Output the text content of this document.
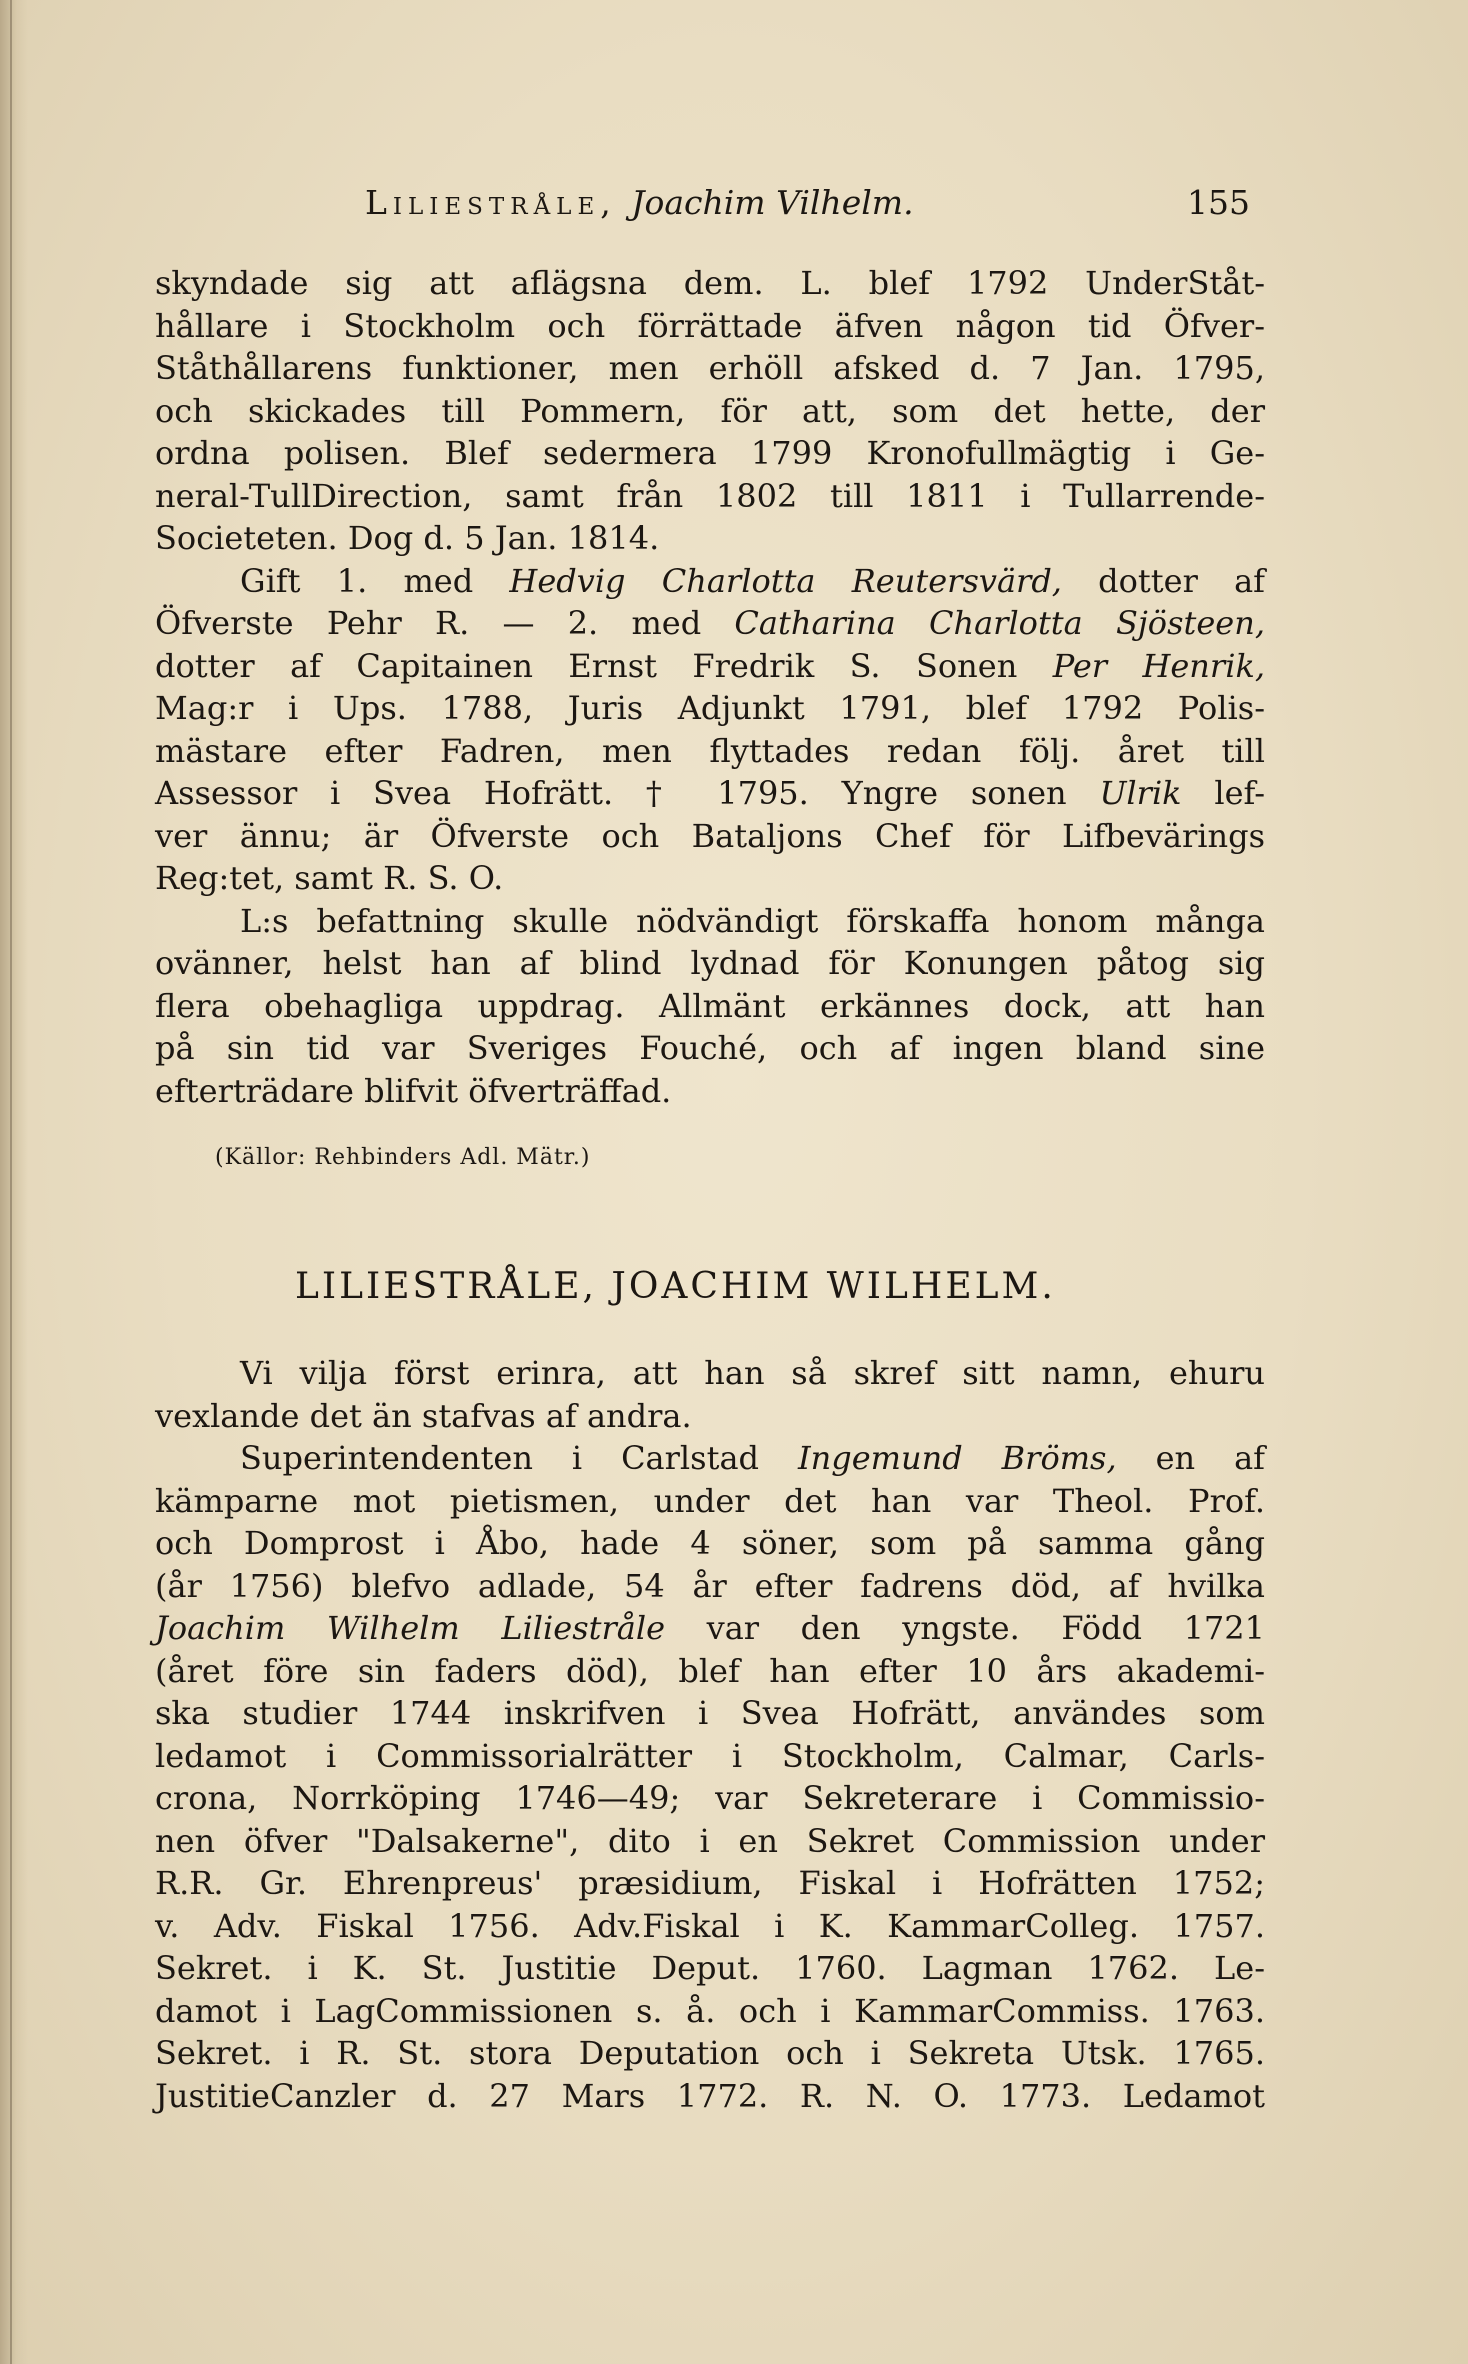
Liliestråle, Joachim Vilhelm.	155
skyndade sig att aflägsna dem. L. blef 1792 UnderStåt-
hållare i Stockholm och förrättade äfven någon tid Öfver-
Ståthållarens funktioner, men erhöll afsked d. 7 Jan. 1795,
och skickades till Pommern, för att, som det hette, der
ordna polisen. Blef sedermera 1799 Kronofullmägtig i Ge-
neral-TullDirection, samt från 1802 till 1811 i Tullarrende-
Societeten. Dog d. 5 Jan. 1814.
Gift 1. med Hedvig Charlotta Reutersvärd, dotter af
Öfverste Pehr R. — 2. med Catharina Charlotta Sjösteen,
dotter af Capitainen Ernst Fredrik S. Sonen Per Henrik,
Mag:r i Ups. 1788, Juris Adjunkt 1791, blef 1792 Polis-
mästare efter Fadren, men flyttades redan följ. året till
Assessor i Svea Hofrätt. † 1795. Yngre sonen Ulrik lef-
ver ännu; är Öfverste och Bataljons Chef för Lifbevärings
Reg:tet, samt R. S. O.
L:s befattning skulle nödvändigt förskaffa honom många
ovänner, helst han af blind lydnad för Konungen påtog sig
flera obehagliga uppdrag. Allmänt erkännes dock, att han
på sin tid var Sveriges Fouché, och af ingen bland sine
efterträdare blifvit öfverträffad.
(Källor: Rehbinders Adl. Mätr.)
LILIESTRÅLE, JOACHIM WILHELM.
Vi vilja först erinra, att han så skref sitt namn, ehuru
vexlande det än stafvas af andra.
Superintendenten i Carlstad Ingemund Bröms, en af
kämparne mot pietismen, under det han var Theol. Prof.
och Domprost i Åbo, hade 4 söner, som på samma gång
(år 1756) blefvo adlade, 54 år efter fadrens död, af hvilka
Joachim Wilhelm Liliestråle var den yngste. Född 1721
(året före sin faders död), blef han efter 10 års akademi-
ska studier 1744 inskrifven i Svea Hofrätt, användes som
ledamot i Commissorialrätter i Stockholm, Calmar, Carls-
crona, Norrköping 1746—49; var Sekreterare i Commissio-
nen öfver "Dalsakerne", dito i en Sekret Commission under
R.R. Gr. Ehrenpreus' præsidium, Fiskal i Hofrätten 1752;
v. Adv. Fiskal 1756. Adv.Fiskal i K. KammarColleg. 1757.
Sekret. i K. St. Justitie Deput. 1760. Lagman 1762. Le-
damot i LagCommissionen s. å. och i KammarCommiss. 1763.
Sekret. i R. St. stora Deputation och i Sekreta Utsk. 1765.
JustitieCanzler d. 27 Mars 1772. R. N. O. 1773. Ledamot
